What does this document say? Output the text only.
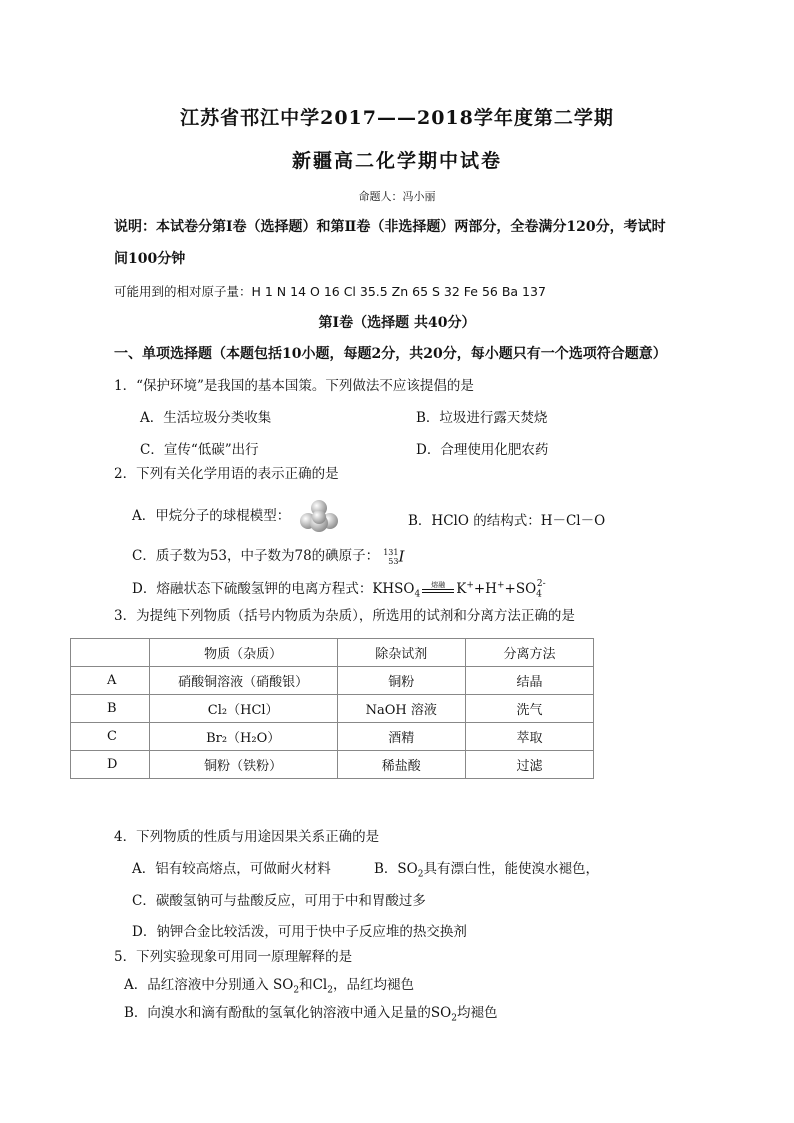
江苏省邗江中学2017——2018学年度第二学期
新疆高二化学期中试卷
命题人：冯小丽
说明：本试卷分第Ⅰ卷（选择题）和第Ⅱ卷（非选择题）两部分，全卷满分120分，考试时
间100分钟
可能用到的相对原子量：H 1 N 14 O 16 Cl 35.5 Zn 65 S 32 Fe 56 Ba 137
第Ⅰ卷（选择题 共40分）
一、单项选择题（本题包括10小题，每题2分，共20分，每小题只有一个选项符合题意）
1．“保护环境”是我国的基本国策。下列做法不应该提倡的是
A．生活垃圾分类收集	B．垃圾进行露天焚烧
C．宣传“低碳”出行	D．合理使用化肥农药
2．下列有关化学用语的表示正确的是
A．甲烷分子的球棍模型：	B．HClO 的结构式：H－Cl－O
C．质子数为53，中子数为78的碘原子： 131
53I
D．熔融状态下硫酸氢钾的电离方程式：$KHSO_4$
熔融 $K^++H^++SO_4^{2-}$
3．为提纯下列物质（括号内物质为杂质），所选用的试剂和分离方法正确的是
	物质（杂质）	除杂试剂	分离方法
A	硝酸铜溶液（硝酸银）	铜粉	结晶
B	Cl₂（HCl）	NaOH 溶液	洗气
C	Br₂（H₂O）	酒精	萃取
D	铜粉（铁粉）	稀盐酸	过滤
4．下列物质的性质与用途因果关系正确的是
A．铝有较高熔点，可做耐火材料	B．$SO_2$具有漂白性，能使溴水褪色，
C．碳酸氢钠可与盐酸反应，可用于中和胃酸过多
D．钠钾合金比较活泼，可用于快中子反应堆的热交换剂
5．下列实验现象可用同一原理解释的是
A．品红溶液中分别通入 $SO_2$和$Cl_2$，品红均褪色
B．向溴水和滴有酚酞的氢氧化钠溶液中通入足量的$SO_2$均褪色
